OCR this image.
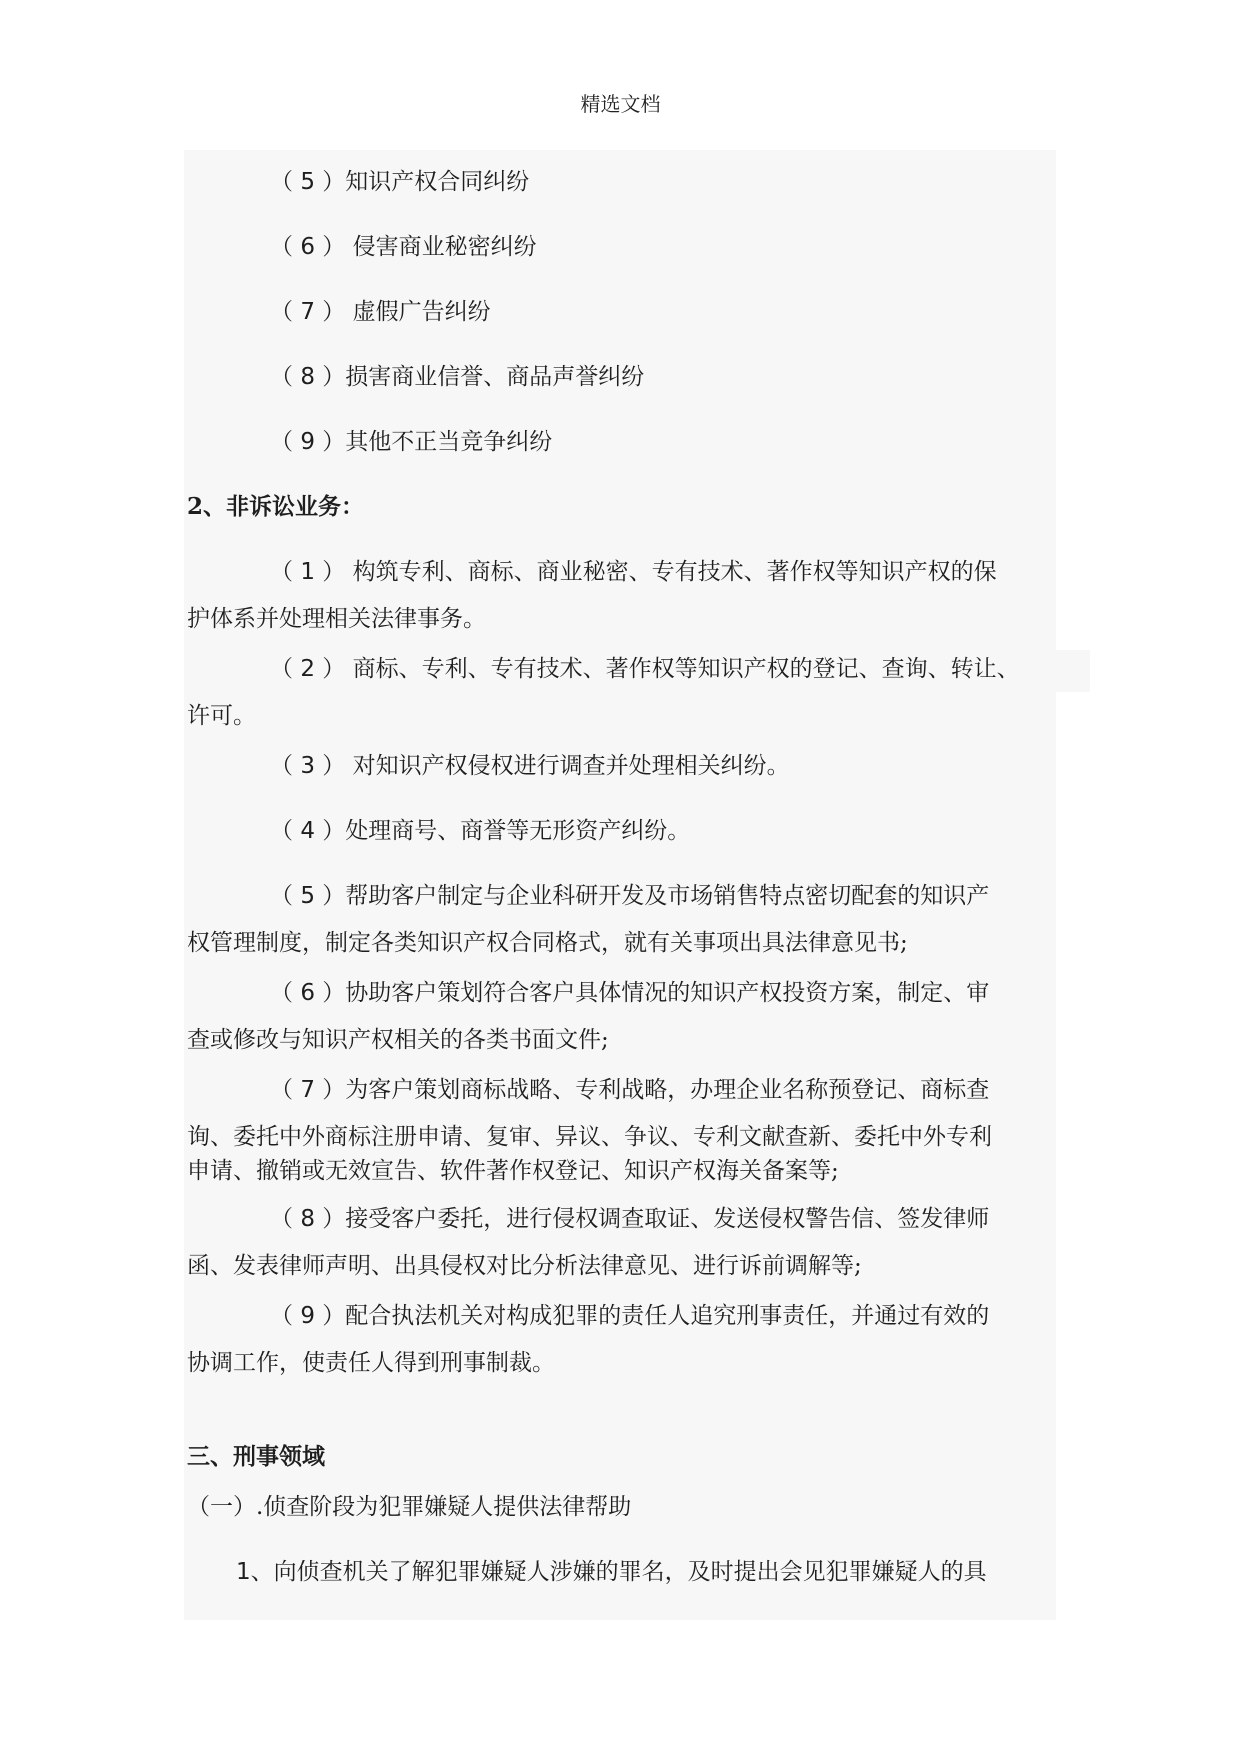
精选文档
（ 5 ）知识产权合同纠纷
（ 6 ） 侵害商业秘密纠纷
（ 7 ） 虚假广告纠纷
（ 8 ）损害商业信誉、商品声誉纠纷
（ 9 ）其他不正当竞争纠纷
2、非诉讼业务：
（ 1 ） 构筑专利、商标、商业秘密、专有技术、著作权等知识产权的保
护体系并处理相关法律事务。
（ 2 ） 商标、专利、专有技术、著作权等知识产权的登记、查询、转让、
许可。
（ 3 ） 对知识产权侵权进行调查并处理相关纠纷。
（ 4 ）处理商号、商誉等无形资产纠纷。
（ 5 ）帮助客户制定与企业科研开发及市场销售特点密切配套的知识产
权管理制度，制定各类知识产权合同格式，就有关事项出具法律意见书;
（ 6 ）协助客户策划符合客户具体情况的知识产权投资方案，制定、审
查或修改与知识产权相关的各类书面文件;
（ 7 ）为客户策划商标战略、专利战略，办理企业名称预登记、商标查
询、委托中外商标注册申请、复审、异议、争议、专利文献查新、委托中外专利
申请、撤销或无效宣告、软件著作权登记、知识产权海关备案等;
（ 8 ）接受客户委托，进行侵权调查取证、发送侵权警告信、签发律师
函、发表律师声明、出具侵权对比分析法律意见、进行诉前调解等;
（ 9 ）配合执法机关对构成犯罪的责任人追究刑事责任，并通过有效的
协调工作，使责任人得到刑事制裁。
三、刑事领域
（一）.侦查阶段为犯罪嫌疑人提供法律帮助
1、向侦查机关了解犯罪嫌疑人涉嫌的罪名，及时提出会见犯罪嫌疑人的具
